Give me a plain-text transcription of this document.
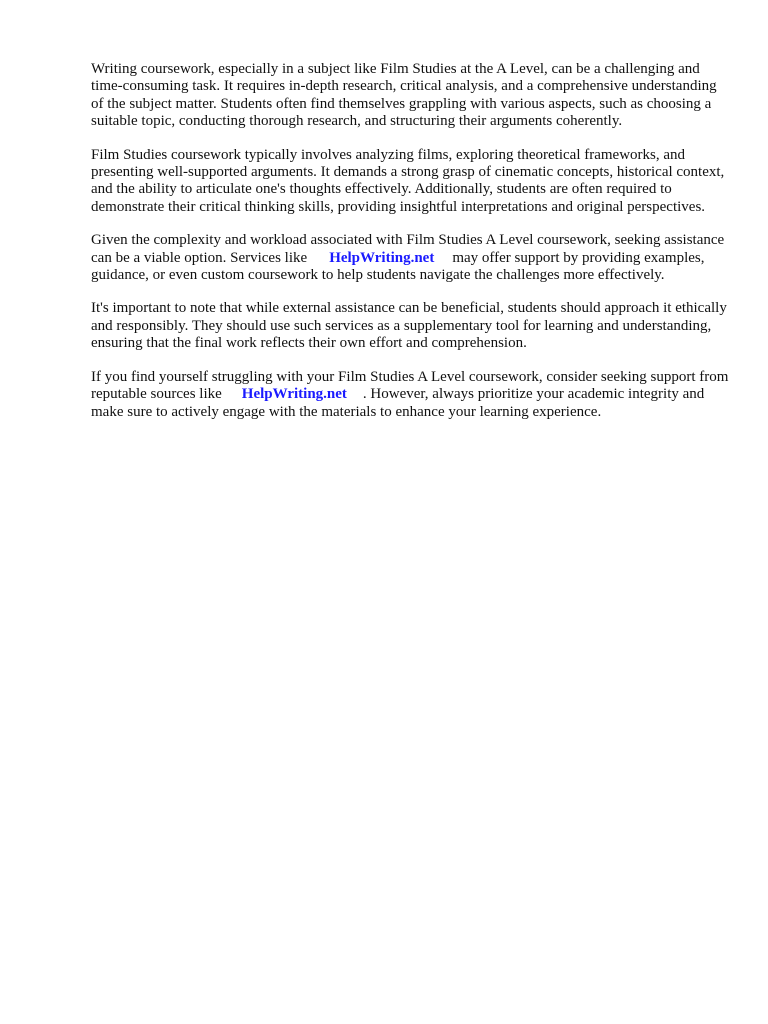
Writing coursework, especially in a subject like Film Studies at the A Level, can be a challenging and time-consuming task. It requires in-depth research, critical analysis, and a comprehensive understanding of the subject matter. Students often find themselves grappling with various aspects, such as choosing a suitable topic, conducting thorough research, and structuring their arguments coherently.

Film Studies coursework typically involves analyzing films, exploring theoretical frameworks, and presenting well-supported arguments. It demands a strong grasp of cinematic concepts, historical context, and the ability to articulate one's thoughts effectively. Additionally, students are often required to demonstrate their critical thinking skills, providing insightful interpretations and original perspectives.

Given the complexity and workload associated with Film Studies A Level coursework, seeking assistance can be a viable option. Services like HelpWriting.net may offer support by providing examples, guidance, or even custom coursework to help students navigate the challenges more effectively.

It's important to note that while external assistance can be beneficial, students should approach it ethically and responsibly. They should use such services as a supplementary tool for learning and understanding, ensuring that the final work reflects their own effort and comprehension.

If you find yourself struggling with your Film Studies A Level coursework, consider seeking support from reputable sources like HelpWriting.net . However, always prioritize your academic integrity and make sure to actively engage with the materials to enhance your learning experience.
